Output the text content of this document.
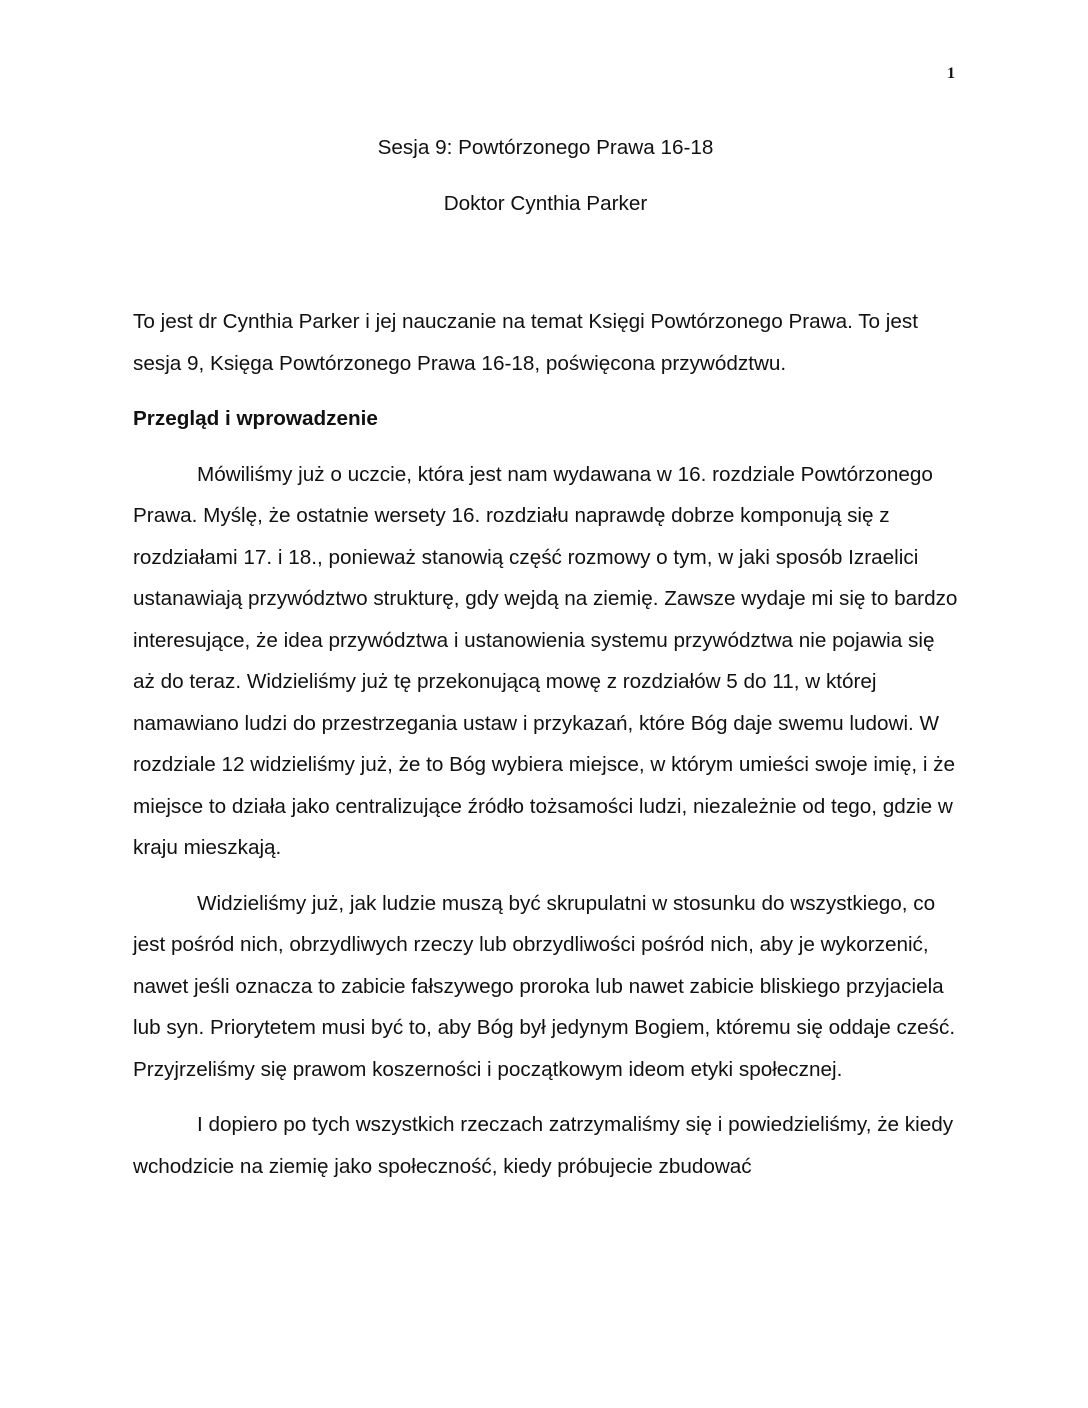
1

Sesja 9: Powtórzonego Prawa 16-18

Doktor Cynthia Parker

To jest dr Cynthia Parker i jej nauczanie na temat Księgi Powtórzonego Prawa. To jest sesja 9, Księga Powtórzonego Prawa 16-18, poświęcona przywództwu.

Przegląd i wprowadzenie

Mówiliśmy już o uczcie, która jest nam wydawana w 16. rozdziale Powtórzonego Prawa. Myślę, że ostatnie wersety 16. rozdziału naprawdę dobrze komponują się z rozdziałami 17. i 18., ponieważ stanowią część rozmowy o tym, w jaki sposób Izraelici ustanawiają przywództwo strukturę, gdy wejdą na ziemię. Zawsze wydaje mi się to bardzo interesujące, że idea przywództwa i ustanowienia systemu przywództwa nie pojawia się aż do teraz. Widzieliśmy już tę przekonującą mowę z rozdziałów 5 do 11, w której namawiano ludzi do przestrzegania ustaw i przykazań, które Bóg daje swemu ludowi. W rozdziale 12 widzieliśmy już, że to Bóg wybiera miejsce, w którym umieści swoje imię, i że miejsce to działa jako centralizujące źródło tożsamości ludzi, niezależnie od tego, gdzie w kraju mieszkają.

Widzieliśmy już, jak ludzie muszą być skrupulatni w stosunku do wszystkiego, co jest pośród nich, obrzydliwych rzeczy lub obrzydliwości pośród nich, aby je wykorzenić, nawet jeśli oznacza to zabicie fałszywego proroka lub nawet zabicie bliskiego przyjaciela lub syn. Priorytetem musi być to, aby Bóg był jedynym Bogiem, któremu się oddaje cześć. Przyjrzeliśmy się prawom koszerności i początkowym ideom etyki społecznej.

I dopiero po tych wszystkich rzeczach zatrzymaliśmy się i powiedzieliśmy, że kiedy wchodzicie na ziemię jako społeczność, kiedy próbujecie zbudować
